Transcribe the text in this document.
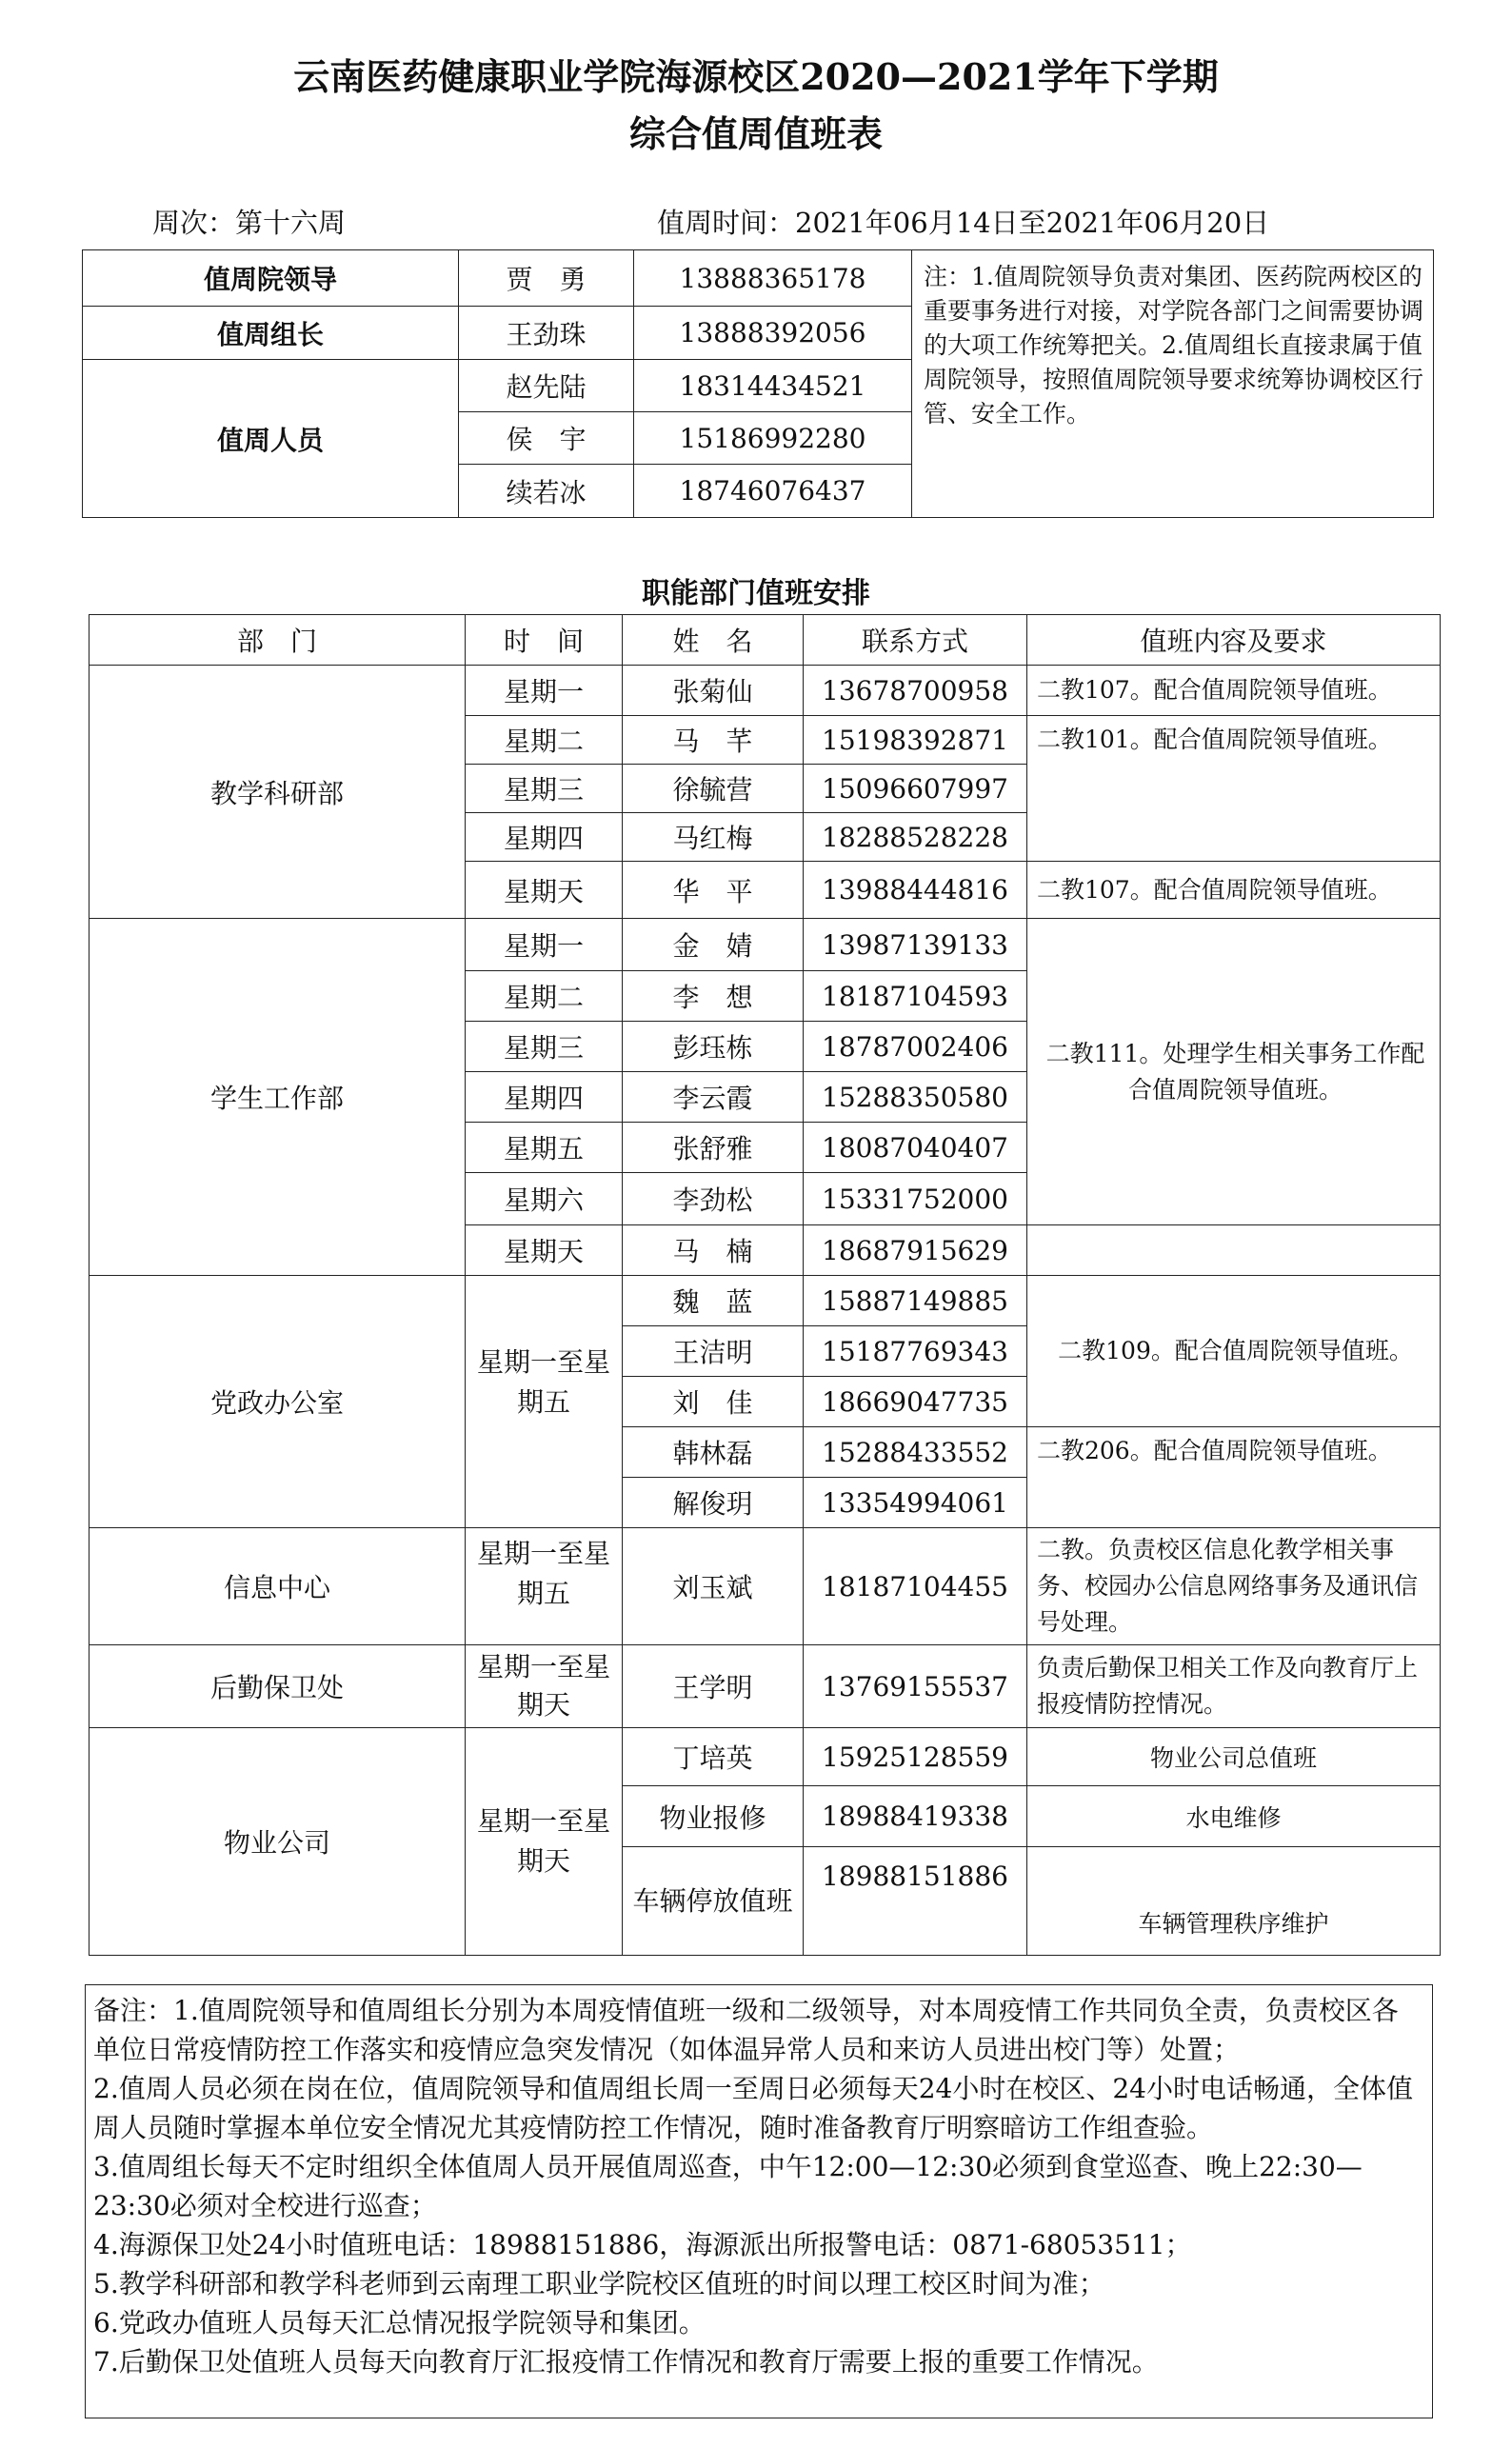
云南医药健康职业学院海源校区2020—2021学年下学期
综合值周值班表
周次：第十六周	值周时间：2021年06月14日至2021年06月20日
值周院领导	贾　勇	13888365178	注：1.值周院领导负责对集团、医药院两校区的重要事务进行对接，对学院各部门之间需要协调的大项工作统筹把关。2.值周组长直接隶属于值周院领导，按照值周院领导要求统筹协调校区行管、安全工作。
值周组长	王劲珠	13888392056	
值周人员	赵先陆	18314434521	
	侯　宇	15186992280	
	续若冰	18746076437	
职能部门值班安排
部　门	时　间	姓　名	联系方式	值班内容及要求
教学科研部	星期一	张菊仙	13678700958	二教107。配合值周院领导值班。
	星期二	马　芊	15198392871	二教101。配合值周院领导值班。
	星期三	徐毓营	15096607997	
	星期四	马红梅	18288528228	
	星期天	华　平	13988444816	二教107。配合值周院领导值班。
学生工作部	星期一	金　婧	13987139133	二教111。处理学生相关事务工作配合值周院领导值班。
	星期二	李　想	18187104593	
	星期三	彭珏栋	18787002406	
	星期四	李云霞	15288350580	
	星期五	张舒雅	18087040407	
	星期六	李劲松	15331752000	
	星期天	马　楠	18687915629	
党政办公室	星期一至星期五	魏　蓝	15887149885	二教109。配合值周院领导值班。
		王洁明	15187769343	
		刘　佳	18669047735	
		韩林磊	15288433552	二教206。配合值周院领导值班。
		解俊玥	13354994061	
信息中心	星期一至星期五	刘玉斌	18187104455	二教。负责校区信息化教学相关事务、校园办公信息网络事务及通讯信号处理。
后勤保卫处	星期一至星期天	王学明	13769155537	负责后勤保卫相关工作及向教育厅上报疫情防控情况。
物业公司	星期一至星期天	丁培英	15925128559	物业公司总值班
		物业报修	18988419338	水电维修
		车辆停放值班	18988151886	车辆管理秩序维护
备注：1.值周院领导和值周组长分别为本周疫情值班一级和二级领导，对本周疫情工作共同负全责，负责校区各
单位日常疫情防控工作落实和疫情应急突发情况（如体温异常人员和来访人员进出校门等）处置；
2.值周人员必须在岗在位，值周院领导和值周组长周一至周日必须每天24小时在校区、24小时电话畅通，全体值
周人员随时掌握本单位安全情况尤其疫情防控工作情况，随时准备教育厅明察暗访工作组查验。
3.值周组长每天不定时组织全体值周人员开展值周巡查，中午12:00—12:30必须到食堂巡查、晚上22:30—
23:30必须对全校进行巡查；
4.海源保卫处24小时值班电话：18988151886，海源派出所报警电话：0871-68053511；
5.教学科研部和教学科老师到云南理工职业学院校区值班的时间以理工校区时间为准；
6.党政办值班人员每天汇总情况报学院领导和集团。
7.后勤保卫处值班人员每天向教育厅汇报疫情工作情况和教育厅需要上报的重要工作情况。
